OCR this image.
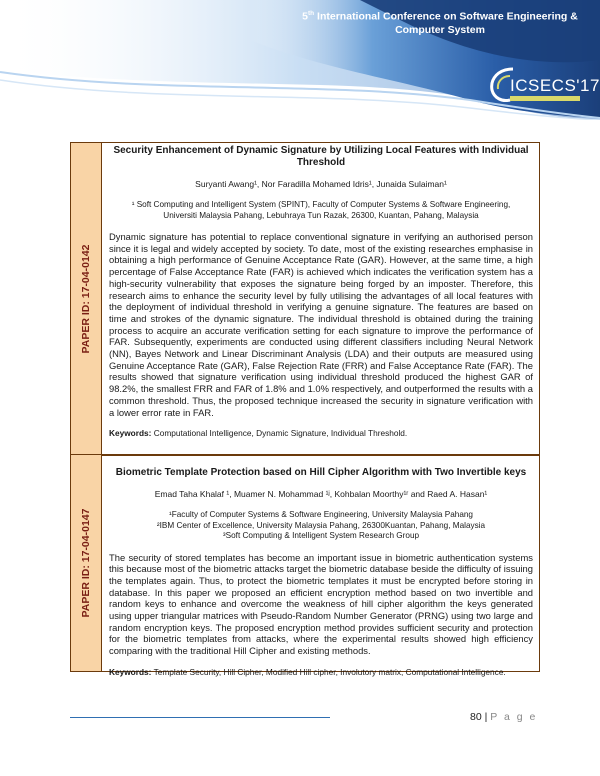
5th International Conference on Software Engineering &
Computer System
ICSECS'17
PAPER ID: 17-04-0142
Security Enhancement of Dynamic Signature by Utilizing Local Features with Individual Threshold
Suryanti Awang¹, Nor Faradilla Mohamed Idris¹, Junaida Sulaiman¹
¹ Soft Computing and Intelligent System (SPINT), Faculty of Computer Systems & Software Engineering,
Universiti Malaysia Pahang, Lebuhraya Tun Razak, 26300, Kuantan, Pahang, Malaysia

Dynamic signature has potential to replace conventional signature in verifying an authorised person since it is legal and widely accepted by society. To date, most of the existing researches emphasise in obtaining a high performance of Genuine Acceptance Rate (GAR). However, at the same time, a high percentage of False Acceptance Rate (FAR) is achieved which indicates the verification system has a high-security vulnerability that exposes the signature being forged by an imposter. Therefore, this research aims to enhance the security level by fully utilising the advantages of all local features with the deployment of individual threshold in verifying a genuine signature. The features are based on time and strokes of the dynamic signature. The individual threshold is obtained during the training process to acquire an accurate verification setting for each signature to improve the performance of FAR. Subsequently, experiments are conducted using different classifiers including Neural Network (NN), Bayes Network and Linear Discriminant Analysis (LDA) and their outputs are measured using Genuine Acceptance Rate (GAR), False Rejection Rate (FRR) and False Acceptance Rate (FAR). The results showed that signature verification using individual threshold produced the highest GAR of 98.2%, the smallest FRR and FAR of 1.8% and 1.0% respectively, and outperformed the results with a common threshold. Thus, the proposed technique increased the security in signature verification with a lower error rate in FAR.

Keywords: Computational Intelligence, Dynamic Signature, Individual Threshold.
PAPER ID: 17-04-0147
Biometric Template Protection based on Hill Cipher Algorithm with Two Invertible keys
Emad Taha Khalaf ¹, Muamer N. Mohammad ¹ʲ, Kohbalan Moorthy¹ʳ and Raed A. Hasan¹
¹Faculty of Computer Systems & Software Engineering, University Malaysia Pahang
²IBM Center of Excellence, University Malaysia Pahang, 26300Kuantan, Pahang, Malaysia
³Soft Computing & Intelligent System Research Group

The security of stored templates has become an important issue in biometric authentication systems this because most of the biometric attacks target the biometric database beside the difficulty of issuing the templates again. Thus, to protect the biometric templates it must be encrypted before storing in database. In this paper we proposed an efficient encryption method based on two invertible and random keys to enhance and overcome the weakness of hill cipher algorithm the keys generated using upper triangular matrices with Pseudo-Random Number Generator (PRNG) using two large and random encryption keys. The proposed encryption method provides sufficient security and protection for the biometric templates from attacks, where the experimental results showed high efficiency comparing with the traditional Hill Cipher and existing methods.

Keywords: Template Security, Hill Cipher, Modified Hill cipher, Involutory matrix, Computational Intelligence.
80 | P a g e
